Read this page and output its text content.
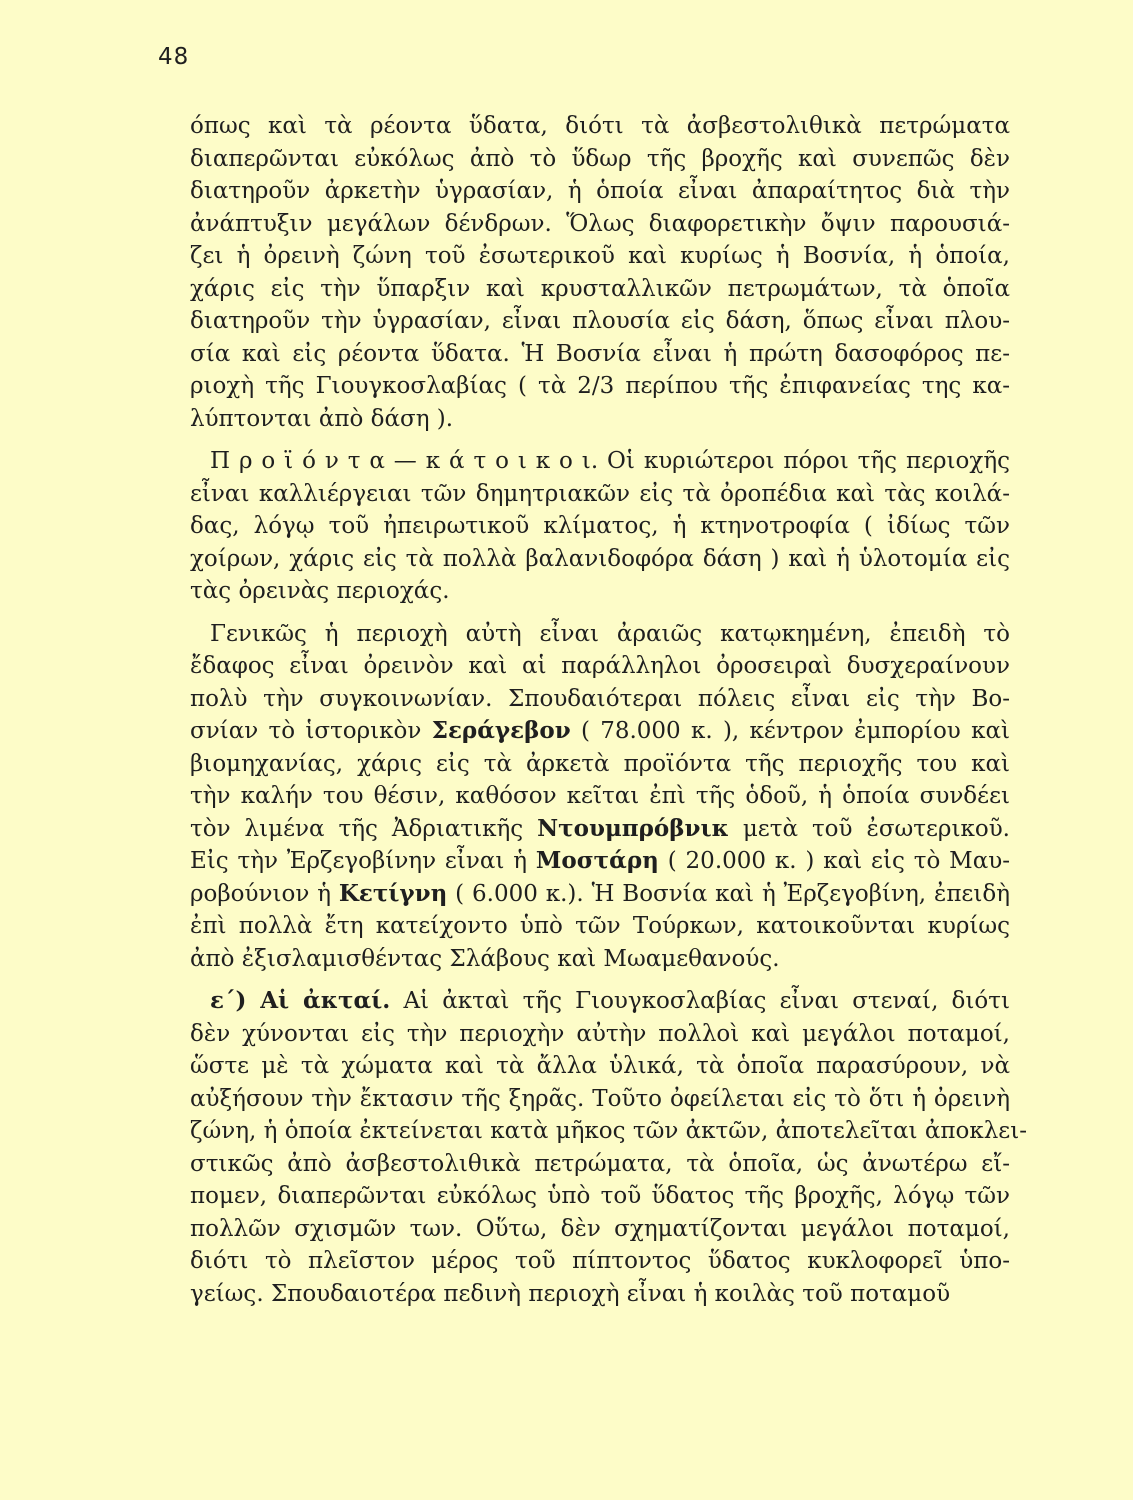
48
όπως καὶ τὰ ρέοντα ὕδατα, διότι τὰ ἀσβεστολιθικὰ πετρώματα
διαπερῶνται εὐκόλως ἀπὸ τὸ ὕδωρ τῆς βροχῆς καὶ συνεπῶς δὲν
διατηροῦν ἀρκετὴν ὑγρασίαν, ἡ ὁποία εἶναι ἀπαραίτητος διὰ τὴν
ἀνάπτυξιν μεγάλων δένδρων. Ὅλως διαφορετικὴν ὄψιν παρουσιά-
ζει ἡ ὀρεινὴ ζώνη τοῦ ἐσωτερικοῦ καὶ κυρίως ἡ Βοσνία, ἡ ὁποία,
χάρις εἰς τὴν ὕπαρξιν καὶ κρυσταλλικῶν πετρωμάτων, τὰ ὁποῖα
διατηροῦν τὴν ὑγρασίαν, εἶναι πλουσία εἰς δάση, ὅπως εἶναι πλου-
σία καὶ εἰς ρέοντα ὕδατα. Ἡ Βοσνία εἶναι ἡ πρώτη δασοφόρος πε-
ριοχὴ τῆς Γιουγκοσλαβίας ( τὰ 2/3 περίπου τῆς ἐπιφανείας της κα-
λύπτονται ἀπὸ δάση ).
Π ρ ο ϊ ό ν τ α — κ ά τ ο ι κ ο ι. Οἱ κυριώτεροι πόροι τῆς περιοχῆς
εἶναι καλλιέργειαι τῶν δημητριακῶν εἰς τὰ ὀροπέδια καὶ τὰς κοιλά-
δας, λόγῳ τοῦ ἠπειρωτικοῦ κλίματος, ἡ κτηνοτροφία ( ἰδίως τῶν
χοίρων, χάρις εἰς τὰ πολλὰ βαλανιδοφόρα δάση ) καὶ ἡ ὑλοτομία εἰς
τὰς ὀρεινὰς περιοχάς.
Γενικῶς ἡ περιοχὴ αὐτὴ εἶναι ἀραιῶς κατῳκημένη, ἐπειδὴ τὸ
ἔδαφος εἶναι ὀρεινὸν καὶ αἱ παράλληλοι ὀροσειραὶ δυσχεραίνουν
πολὺ τὴν συγκοινωνίαν. Σπουδαιότεραι πόλεις εἶναι εἰς τὴν Βο-
σνίαν τὸ ἱστορικὸν Σεράγεβον ( 78.000 κ. ), κέντρον ἐμπορίου καὶ
βιομηχανίας, χάρις εἰς τὰ ἀρκετὰ προϊόντα τῆς περιοχῆς του καὶ
τὴν καλήν του θέσιν, καθόσον κεῖται ἐπὶ τῆς ὁδοῦ, ἡ ὁποία συνδέει
τὸν λιμένα τῆς Ἀδριατικῆς Ντουμπρόβνικ μετὰ τοῦ ἐσωτερικοῦ.
Εἰς τὴν Ἐρζεγοβίνην εἶναι ἡ Μοστάρη ( 20.000 κ. ) καὶ εἰς τὸ Μαυ-
ροβούνιον ἡ Κετίγνη ( 6.000 κ.). Ἡ Βοσνία καὶ ἡ Ἐρζεγοβίνη, ἐπειδὴ
ἐπὶ πολλὰ ἔτη κατείχοντο ὑπὸ τῶν Τούρκων, κατοικοῦνται κυρίως
ἀπὸ ἐξισλαμισθέντας Σλάβους καὶ Μωαμεθανούς.
ε΄) Αἱ ἀκταί. Αἱ ἀκταὶ τῆς Γιουγκοσλαβίας εἶναι στεναί, διότι
δὲν χύνονται εἰς τὴν περιοχὴν αὐτὴν πολλοὶ καὶ μεγάλοι ποταμοί,
ὥστε μὲ τὰ χώματα καὶ τὰ ἄλλα ὑλικά, τὰ ὁποῖα παρασύρουν, νὰ
αὐξήσουν τὴν ἔκτασιν τῆς ξηρᾶς. Τοῦτο ὀφείλεται εἰς τὸ ὅτι ἡ ὀρεινὴ
ζώνη, ἡ ὁποία ἐκτείνεται κατὰ μῆκος τῶν ἀκτῶν, ἀποτελεῖται ἀποκλει-
στικῶς ἀπὸ ἀσβεστολιθικὰ πετρώματα, τὰ ὁποῖα, ὡς ἀνωτέρω εἴ-
πομεν, διαπερῶνται εὐκόλως ὑπὸ τοῦ ὕδατος τῆς βροχῆς, λόγῳ τῶν
πολλῶν σχισμῶν των. Οὕτω, δὲν σχηματίζονται μεγάλοι ποταμοί,
διότι τὸ πλεῖστον μέρος τοῦ πίπτοντος ὕδατος κυκλοφορεῖ ὑπο-
γείως. Σπουδαιοτέρα πεδινὴ περιοχὴ εἶναι ἡ κοιλὰς τοῦ ποταμοῦ
